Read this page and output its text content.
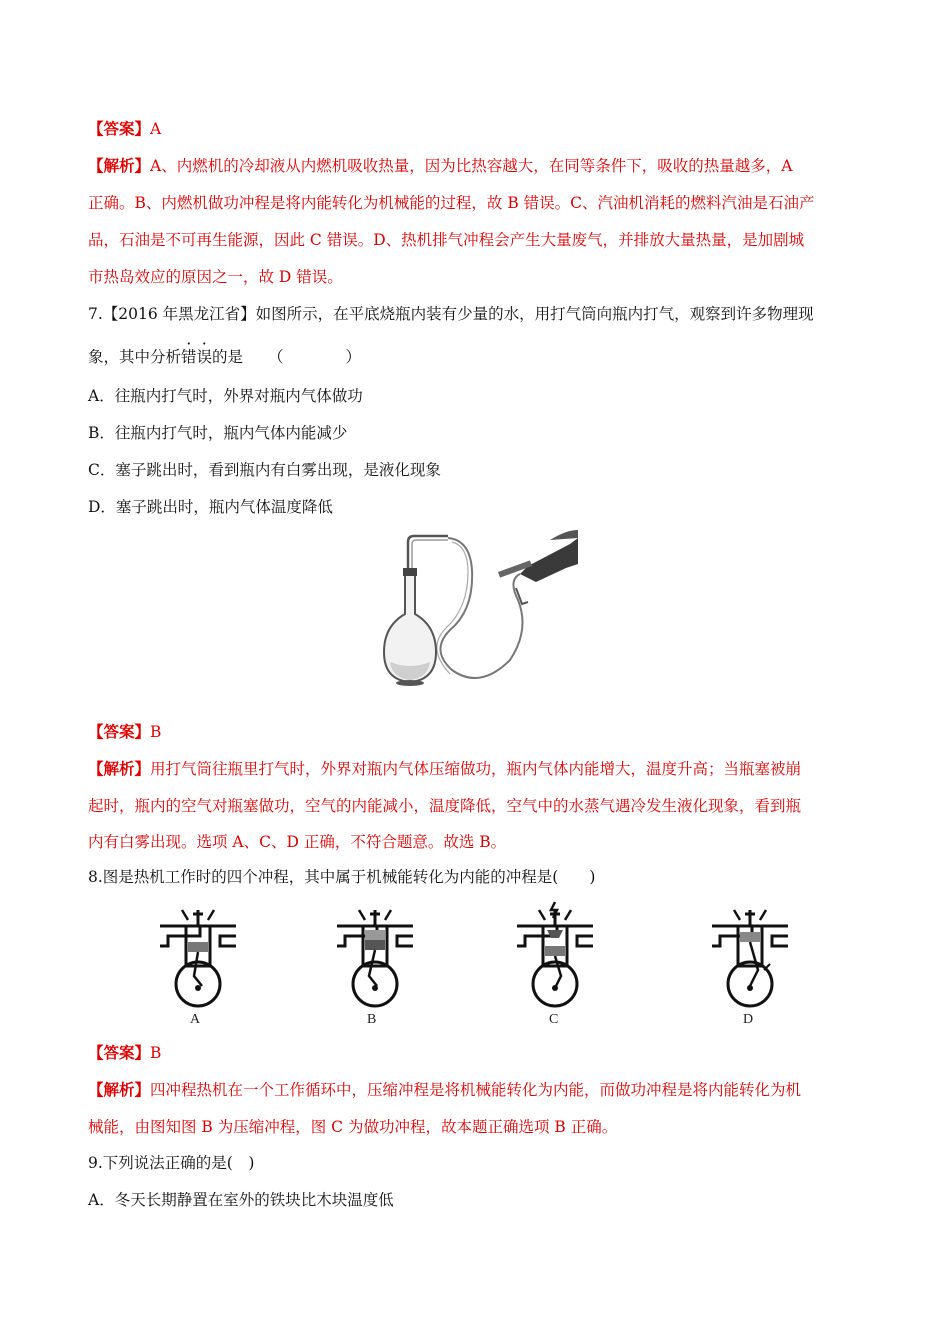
【答案】A
【解析】A、内燃机的冷却液从内燃机吸收热量，因为比热容越大，在同等条件下，吸收的热量越多，A
正确。B、内燃机做功冲程是将内能转化为机械能的过程，故 B 错误。C、汽油机消耗的燃料汽油是石油产
品，石油是不可再生能源，因此 C 错误。D、热机排气冲程会产生大量废气，并排放大量热量，是加剧城
市热岛效应的原因之一，故 D 错误。
7.【2016 年黑龙江省】如图所示，在平底烧瓶内装有少量的水，用打气筒向瓶内打气，观察到许多物理现
象，其中分析错误的是 （　　　　）
A．往瓶内打气时，外界对瓶内气体做功
B．往瓶内打气时，瓶内气体内能减少
C．塞子跳出时，看到瓶内有白雾出现，是液化现象
D．塞子跳出时，瓶内气体温度降低
【答案】B
【解析】用打气筒往瓶里打气时，外界对瓶内气体压缩做功，瓶内气体内能增大，温度升高；当瓶塞被崩
起时，瓶内的空气对瓶塞做功，空气的内能减小，温度降低，空气中的水蒸气遇冷发生液化现象，看到瓶
内有白雾出现。选项 A、C、D 正确，不符合题意。故选 B。
8.图是热机工作时的四个冲程，其中属于机械能转化为内能的冲程是(　　)
A	B	C	D
【答案】B
【解析】四冲程热机在一个工作循环中，压缩冲程是将机械能转化为内能，而做功冲程是将内能转化为机
械能，由图知图 B 为压缩冲程，图 C 为做功冲程，故本题正确选项 B 正确。
9.下列说法正确的是(　)
A．冬天长期静置在室外的铁块比木块温度低
